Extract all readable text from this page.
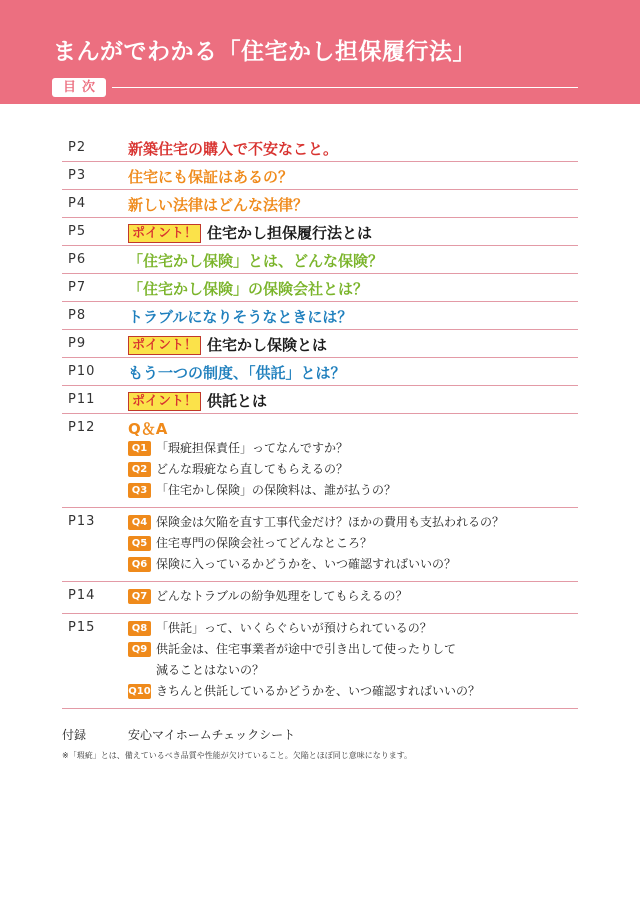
まんがでわかる「住宅かし担保履行法」
目次
P2	新築住宅の購入で不安なこと。
P3	住宅にも保証はあるの？
P4	新しい法律はどんな法律？
P5	ポイント！ 住宅かし担保履行法とは
P6	「住宅かし保険」とは、どんな保険？
P7	「住宅かし保険」の保険会社とは？
P8	トラブルになりそうなときには？
P9	ポイント！ 住宅かし保険とは
P10 もう一つの制度、「供託」とは？
P11	ポイント！ 供託とは
P12 Q＆A
Q1 「瑕疵担保責任」ってなんですか？
Q2 どんな瑕疵なら直してもらえるの？
Q3 「住宅かし保険」の保険料は、誰が払うの？
P13	Q4 保険金は欠陥を直す工事代金だけ？ほかの費用も支払われるの？
Q5 住宅専門の保険会社ってどんなところ？
Q6 保険に入っているかどうかを、いつ確認すればいいの？
P14	Q7 どんなトラブルの紛争処理をしてもらえるの？
P15	Q8 「供託」って、いくらぐらいが預けられているの？
Q9 供託金は、住宅事業者が途中で引き出して使ったりして
減ることはないの？
Q10 きちんと供託しているかどうかを、いつ確認すればいいの？
付録	安心マイホームチェックシート
※「瑕疵」とは、備えているべき品質や性能が欠けていること。欠陥とほぼ同じ意味になります。
